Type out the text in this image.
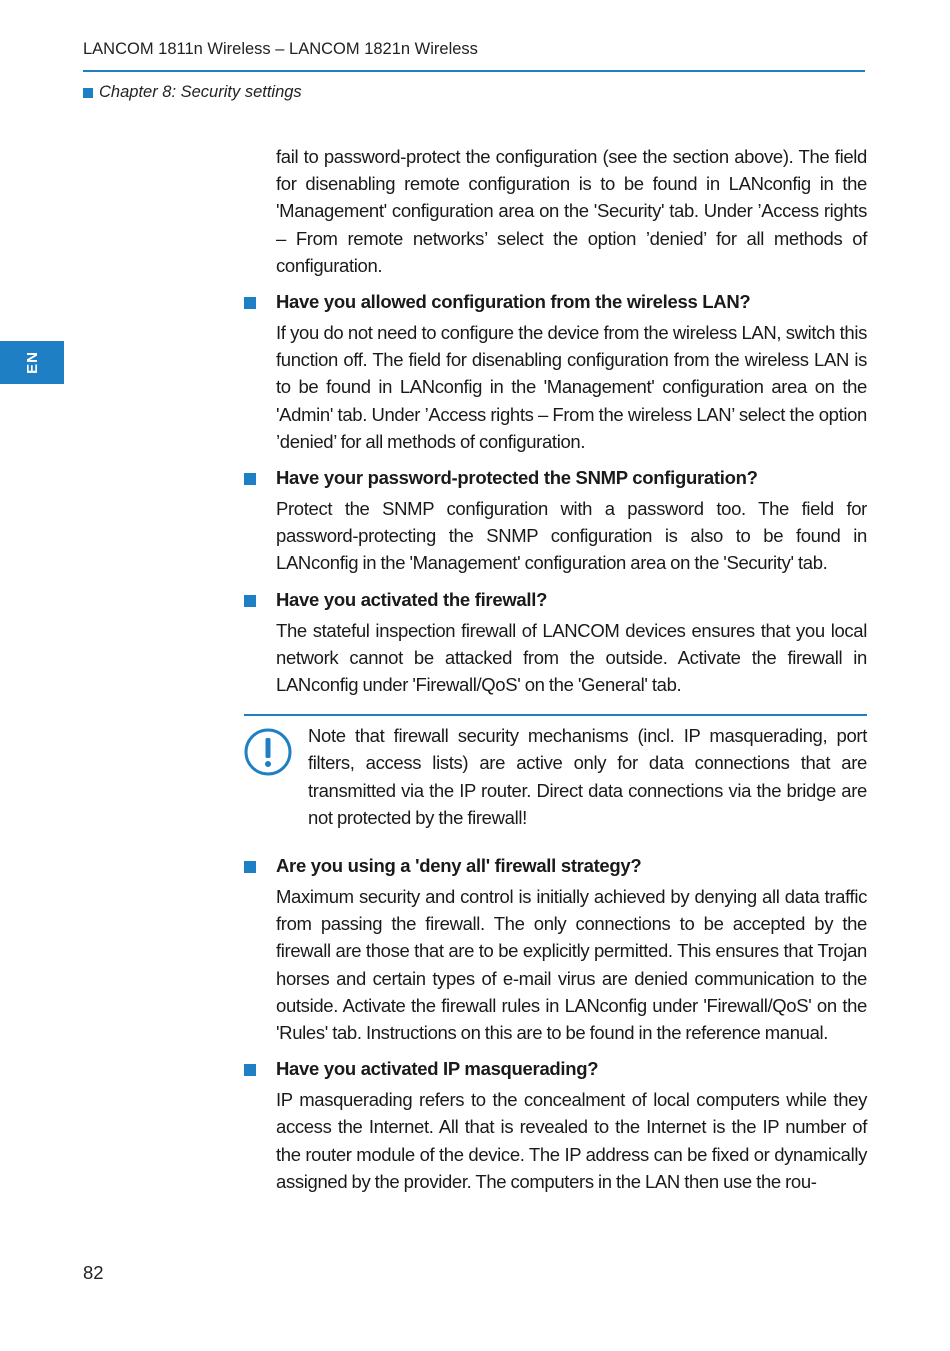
LANCOM 1811n Wireless – LANCOM 1821n Wireless
Chapter 8: Security settings
EN

fail to password-protect the configuration (see the section above). The field for disenabling remote configuration is to be found in LANconfig in the 'Management' configuration area on the 'Security' tab. Under ’Access rights – From remote networks’ select the option ’denied’ for all methods of configuration.

Have you allowed configuration from the wireless LAN?

If you do not need to configure the device from the wireless LAN, switch this function off. The field for disenabling configuration from the wireless LAN is to be found in LANconfig in the 'Management' configuration area on the 'Admin' tab. Under ’Access rights – From the wireless LAN’ select the option ’denied’ for all methods of configuration.

Have your password-protected the SNMP configuration?

Protect the SNMP configuration with a password too. The field for password-protecting the SNMP configuration is also to be found in LANconfig in the 'Management' configuration area on the 'Security' tab.

Have you activated the firewall?

The stateful inspection firewall of LANCOM devices ensures that you local network cannot be attacked from the outside. Activate the firewall in LANconfig under 'Firewall/QoS' on the 'General' tab.

Note that firewall security mechanisms (incl. IP masquerading, port filters, access lists) are active only for data connections that are transmitted via the IP router. Direct data connections via the bridge are not protected by the firewall!

Are you using a 'deny all' firewall strategy?

Maximum security and control is initially achieved by denying all data traffic from passing the firewall. The only connections to be accepted by the firewall are those that are to be explicitly permitted. This ensures that Trojan horses and certain types of e-mail virus are denied communication to the outside. Activate the firewall rules in LANconfig under 'Firewall/QoS' on the 'Rules' tab. Instructions on this are to be found in the reference manual.

Have you activated IP masquerading?

IP masquerading refers to the concealment of local computers while they access the Internet. All that is revealed to the Internet is the IP number of the router module of the device. The IP address can be fixed or dynamically assigned by the provider. The computers in the LAN then use the rou-

82
